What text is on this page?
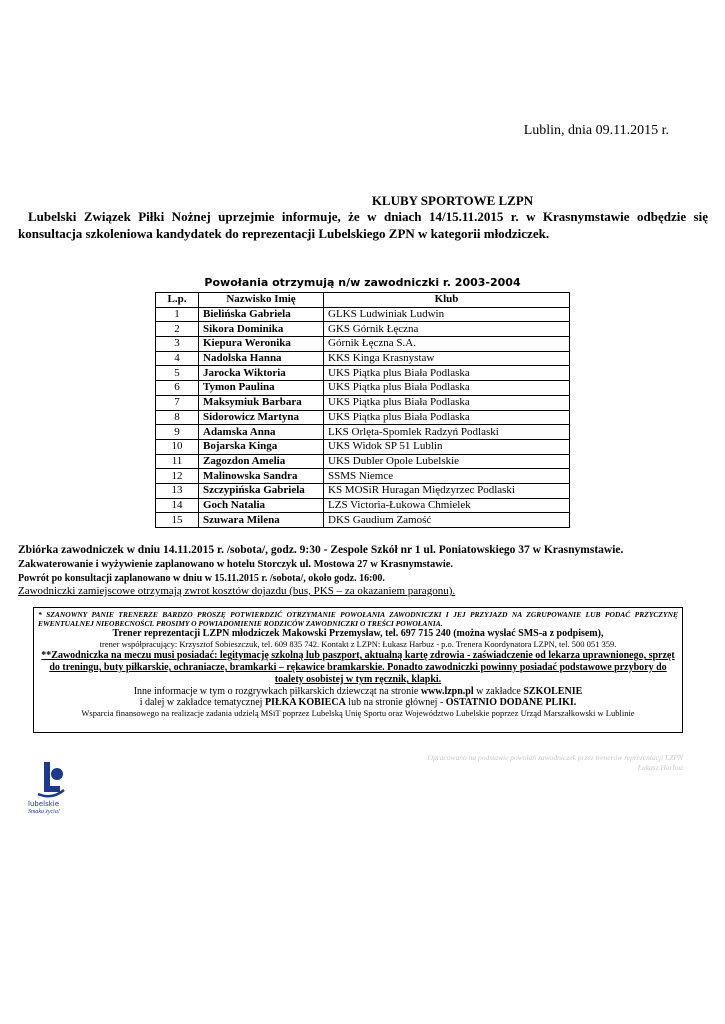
Lublin, dnia 09.11.2015 r.
KLUBY SPORTOWE LZPN
Lubelski Związek Piłki Nożnej uprzejmie informuje, że w dniach 14/15.11.2015 r. w Krasnymstawie odbędzie się konsultacja szkoleniowa kandydatek do reprezentacji Lubelskiego ZPN w kategorii młodziczek.
Powołania otrzymują n/w zawodniczki r. 2003-2004
L.p.	Nazwisko Imię	Klub
1	Bielińska Gabriela	GLKS Ludwiniak Ludwin
2	Sikora Dominika	GKS Górnik Łęczna
3	Kiepura Weronika	Górnik Łęczna S.A.
4	Nadolska Hanna	KKS Kinga Krasnystaw
5	Jarocka Wiktoria	UKS Piątka plus Biała Podlaska
6	Tymon Paulina	UKS Piątka plus Biała Podlaska
7	Maksymiuk Barbara	UKS Piątka plus Biała Podlaska
8	Sidorowicz Martyna	UKS Piątka plus Biała Podlaska
9	Adamska Anna	LKS Orlęta-Spomlek Radzyń Podlaski
10	Bojarska Kinga	UKS Widok SP 51 Lublin
11	Zagozdon Amelia	UKS Dubler Opole Lubelskie
12	Malinowska Sandra	SSMS Niemce
13	Szczypińska Gabriela	KS MOSiR Huragan Międzyrzec Podlaski
14	Goch Natalia	LZS Victoria-Łukowa Chmielek
15	Szuwara Milena	DKS Gaudium Zamość
Zbiórka zawodniczek w dniu 14.11.2015 r. /sobota/, godz. 9:30 - Zespole Szkół nr 1 ul. Poniatowskiego 37 w Krasnymstawie.
Zakwaterowanie i wyżywienie zaplanowano w hotelu Storczyk ul. Mostowa 27 w Krasnymstawie.
Powrót po konsultacji zaplanowano w dniu w 15.11.2015 r. /sobota/, około godz. 16:00.
Zawodniczki zamiejscowe otrzymają zwrot kosztów dojazdu (bus, PKS – za okazaniem paragonu).
* SZANOWNY PANIE TRENERZE BARDZO PROSZĘ POTWIERDZIĆ OTRZYMANIE POWOŁANIA ZAWODNICZKI I JEJ PRZYJAZD NA ZGRUPOWANIE LUB PODAĆ PRZYCZYNĘ EWENTUALNEJ NIEOBECNOŚCI. PROSIMY O POWIADOMIENIE RODZICÓW ZAWODNICZKI O TREŚCI POWOŁANIA.
Trener reprezentacji LZPN młodziczek Makowski Przemysław, tel. 697 715 240 (można wysłać SMS-a z podpisem),
trener współpracujący: Krzysztof Sobieszczuk, tel. 609 835 742. Kontakt z LZPN: Łukasz Harbuz - p.o. Trenera Koordynatora LZPN, tel. 500 051 359.
**Zawodniczka na meczu musi posiadać: legitymację szkolną lub paszport, aktualną kartę zdrowia - zaświadczenie od lekarza uprawnionego, sprzęt do treningu, buty piłkarskie, ochraniacze, bramkarki – rękawice bramkarskie. Ponadto zawodniczki powinny posiadać podstawowe przybory do toalety osobistej w tym ręcznik, klapki.
Inne informacje w tym o rozgrywkach piłkarskich dziewcząt na stronie www.lzpn.pl w zakładce SZKOLENIE
i dalej w zakładce tematycznej PIŁKA KOBIECA lub na stronie głównej - OSTATNIO DODANE PLIKI.
Wsparcia finansowego na realizacje zadania udzielą MSiT poprzez Lubelską Unię Sportu oraz Województwo Lubelskie poprzez Urząd Marszałkowski w Lublinie
Opracowano na podstawie powołań zawodniczek przez trenerów reprezentacji LZPN
Łukasz Harbuz
lubelskie
Smaku życia!
